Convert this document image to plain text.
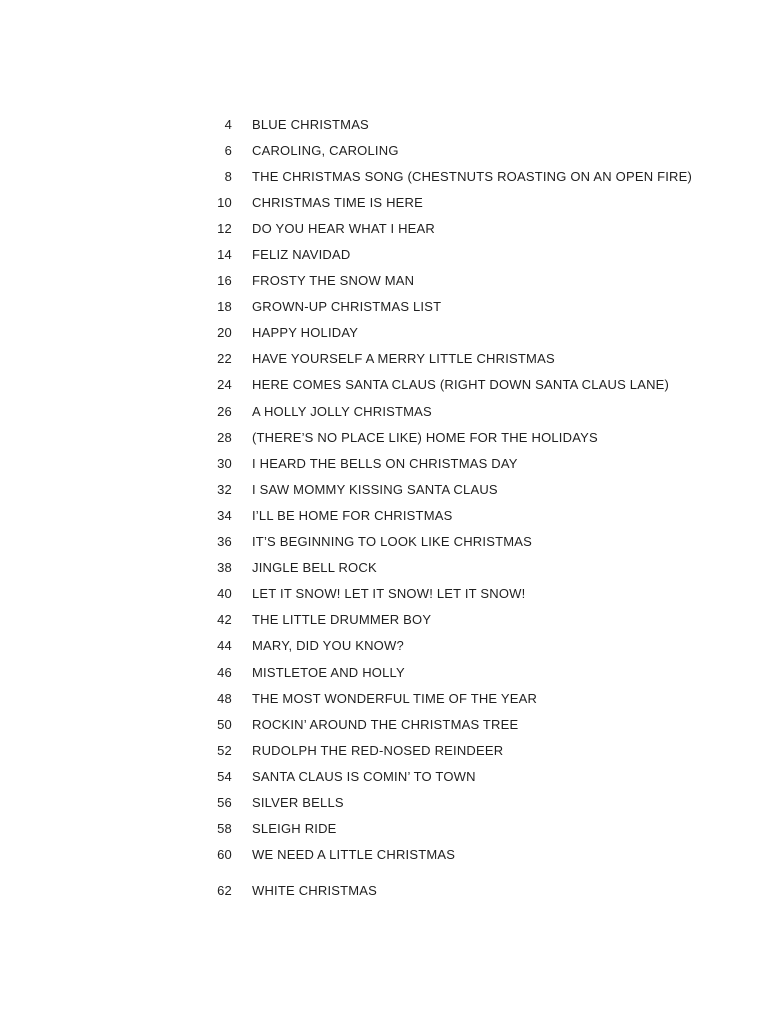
4 BLUE CHRISTMAS
6 CAROLING, CAROLING
8 THE CHRISTMAS SONG (CHESTNUTS ROASTING ON AN OPEN FIRE)
10 CHRISTMAS TIME IS HERE
12 DO YOU HEAR WHAT I HEAR
14 FELIZ NAVIDAD
16 FROSTY THE SNOW MAN
18 GROWN-UP CHRISTMAS LIST
20 HAPPY HOLIDAY
22 HAVE YOURSELF A MERRY LITTLE CHRISTMAS
24 HERE COMES SANTA CLAUS (RIGHT DOWN SANTA CLAUS LANE)
26 A HOLLY JOLLY CHRISTMAS
28 (THERE’S NO PLACE LIKE) HOME FOR THE HOLIDAYS
30 I HEARD THE BELLS ON CHRISTMAS DAY
32 I SAW MOMMY KISSING SANTA CLAUS
34 I’LL BE HOME FOR CHRISTMAS
36 IT’S BEGINNING TO LOOK LIKE CHRISTMAS
38 JINGLE BELL ROCK
40 LET IT SNOW! LET IT SNOW! LET IT SNOW!
42 THE LITTLE DRUMMER BOY
44 MARY, DID YOU KNOW?
46 MISTLETOE AND HOLLY
48 THE MOST WONDERFUL TIME OF THE YEAR
50 ROCKIN’ AROUND THE CHRISTMAS TREE
52 RUDOLPH THE RED-NOSED REINDEER
54 SANTA CLAUS IS COMIN’ TO TOWN
56 SILVER BELLS
58 SLEIGH RIDE
60 WE NEED A LITTLE CHRISTMAS
62 WHITE CHRISTMAS
